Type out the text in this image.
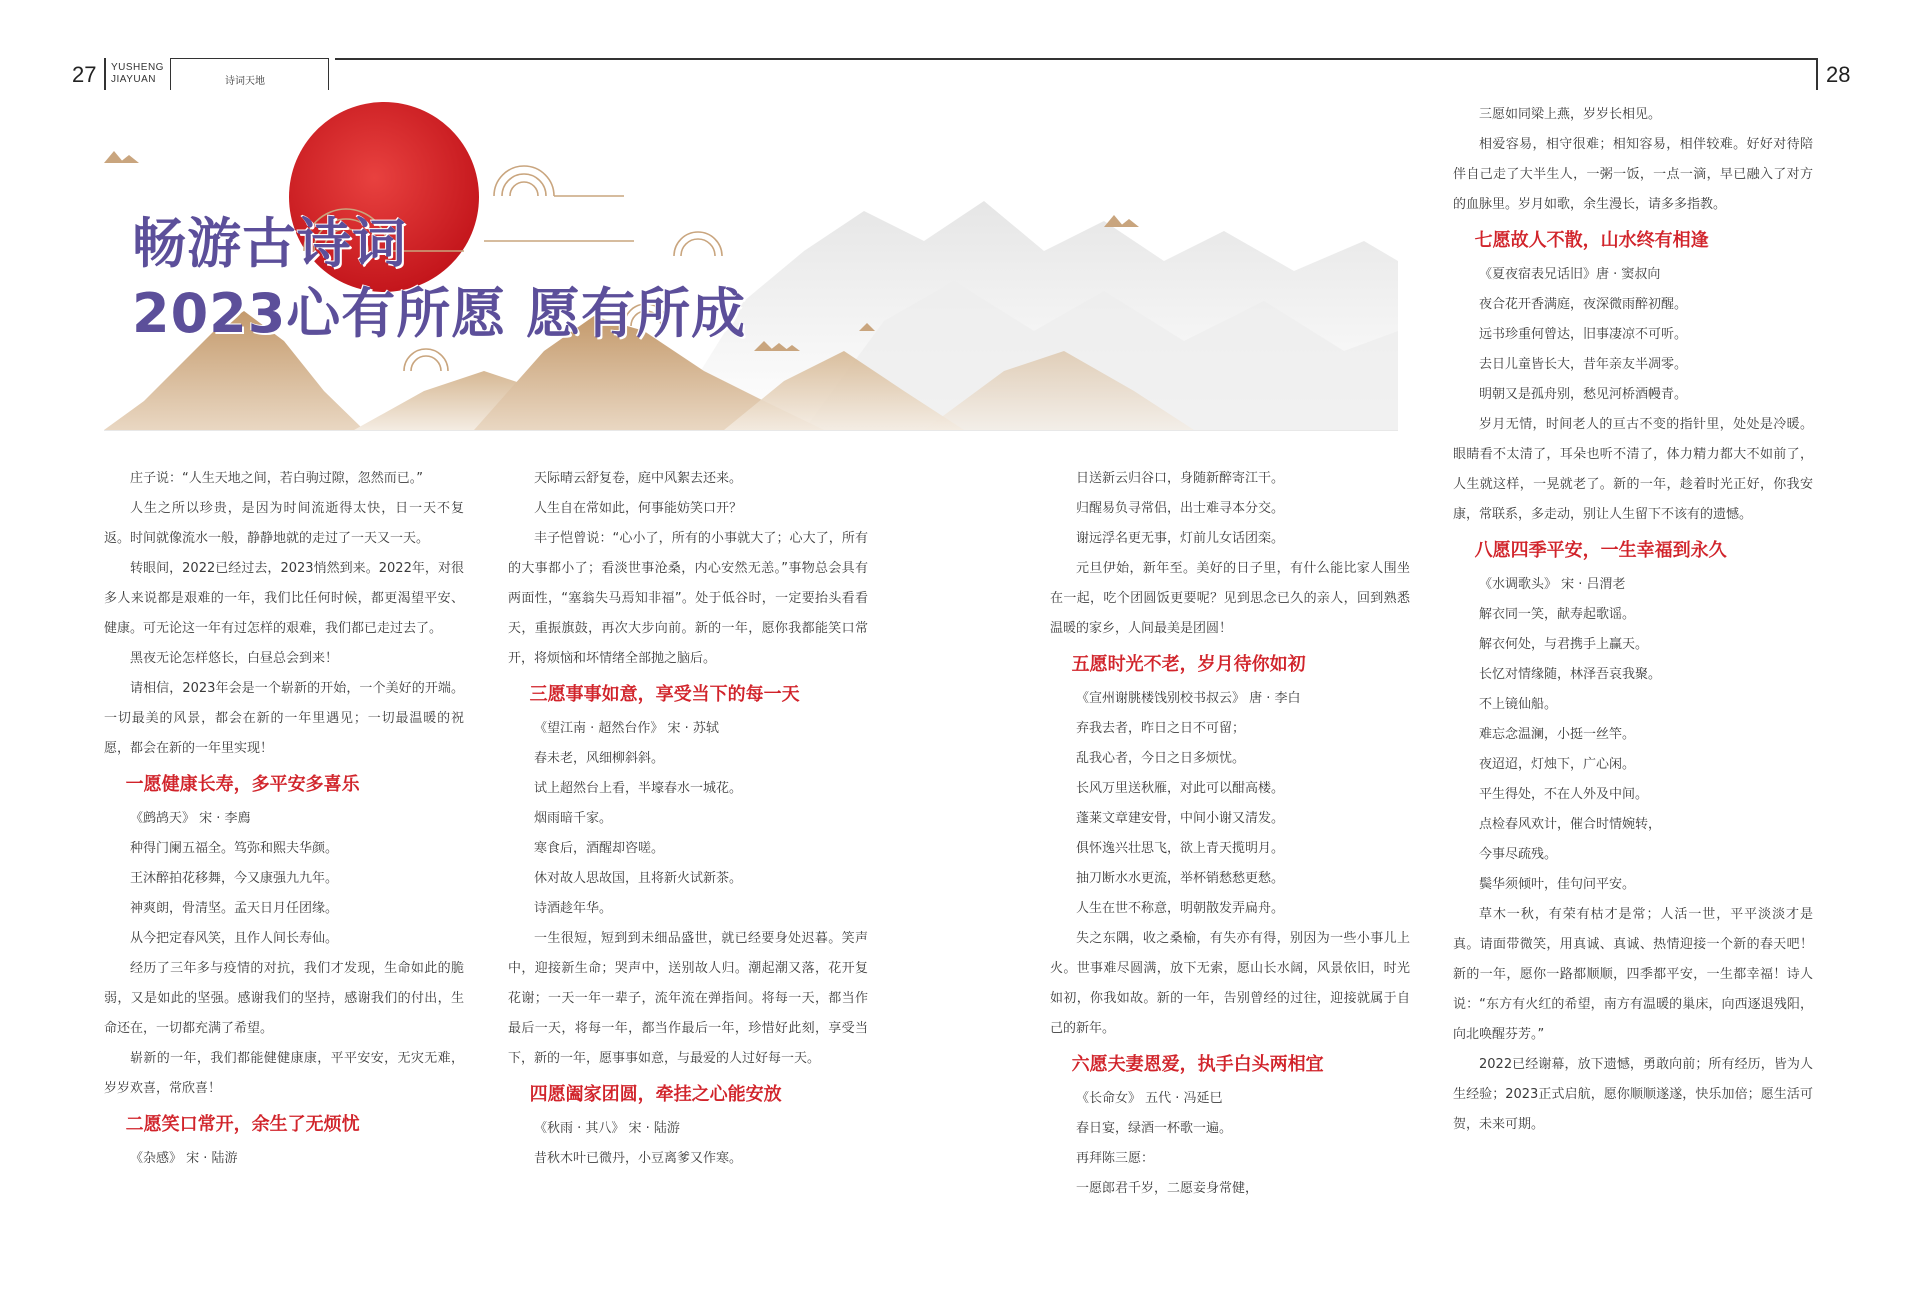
27 YUSHENG
JIAYUAN	诗词天地	28
畅游古诗词
2023心有所愿 愿有所成

庄子说：“人生天地之间，若白驹过隙，忽然而已。”

人生之所以珍贵，是因为时间流逝得太快，日一天不复返。时间就像流水一般，静静地就的走过了一天又一天。

转眼间，2022已经过去，2023悄然到来。2022年，对很多人来说都是艰难的一年，我们比任何时候，都更渴望平安、健康。可无论这一年有过怎样的艰难，我们都已走过去了。

黑夜无论怎样悠长，白昼总会到来！

请相信，2023年会是一个崭新的开始，一个美好的开端。一切最美的风景，都会在新的一年里遇见；一切最温暖的祝愿，都会在新的一年里实现！

一愿健康长寿，多平安多喜乐

《鹧鸪天》 宋 · 李廌

种得门阑五福全。笃弥和熙夫华颜。

王沐醉拍花移舞，今又康强九九年。

神爽朗，骨清坚。孟天日月任团缘。

从今把定春风笑，且作人间长寿仙。

经历了三年多与疫情的对抗，我们才发现，生命如此的脆弱，又是如此的坚强。感谢我们的坚持，感谢我们的付出，生命还在，一切都充满了希望。

崭新的一年，我们都能健健康康，平平安安，无灾无难，岁岁欢喜，常欣喜！

二愿笑口常开，余生了无烦忧

《杂感》 宋 · 陆游

天际晴云舒复卷，庭中风絮去还来。

人生自在常如此，何事能妨笑口开？

丰子恺曾说：“心小了，所有的小事就大了；心大了，所有的大事都小了；看淡世事沧桑，内心安然无恙。”事物总会具有两面性，“塞翁失马焉知非福”。处于低谷时，一定要抬头看看天，重振旗鼓，再次大步向前。新的一年，愿你我都能笑口常开，将烦恼和坏情绪全部抛之脑后。

三愿事事如意，享受当下的每一天

《望江南 · 超然台作》 宋 · 苏轼

春未老，风细柳斜斜。

试上超然台上看，半壕春水一城花。

烟雨暗千家。

寒食后，酒醒却咨嗟。

休对故人思故国，且将新火试新茶。

诗酒趁年华。

一生很短，短到到未细品盛世，就已经要身处迟暮。笑声中，迎接新生命；哭声中，送别故人归。潮起潮又落，花开复花谢；一天一年一辈子，流年流在弹指间。将每一天，都当作最后一天，将每一年，都当作最后一年，珍惜好此刻，享受当下，新的一年，愿事事如意，与最爱的人过好每一天。

四愿阖家团圆，牵挂之心能安放

《秋雨 · 其八》 宋 · 陆游

昔秋木叶已微丹，小豆离爹又作寒。

日送新云归谷口，身随新醉寄江干。

归醒易负寻常侣，出士难寻本分交。

谢远浮名更无事，灯前儿女话团栾。

元旦伊始，新年至。美好的日子里，有什么能比家人围坐在一起，吃个团圆饭更要呢？见到思念已久的亲人，回到熟悉温暖的家乡，人间最美是团圆！

五愿时光不老，岁月待你如初

《宣州谢朓楼饯别校书叔云》 唐 · 李白

弃我去者，昨日之日不可留；

乱我心者，今日之日多烦忧。

长风万里送秋雁，对此可以酣高楼。

蓬莱文章建安骨，中间小谢又清发。

俱怀逸兴壮思飞，欲上青天揽明月。

抽刀断水水更流，举杯销愁愁更愁。

人生在世不称意，明朝散发弄扁舟。

失之东隅，收之桑榆，有失亦有得，别因为一些小事儿上火。世事难尽圆满，放下无索，愿山长水阔，风景依旧，时光如初，你我如故。新的一年，告别曾经的过往，迎接就属于自己的新年。

六愿夫妻恩爱，执手白头两相宜

《长命女》 五代 · 冯延巳

春日宴，绿酒一杯歌一遍。

再拜陈三愿：

一愿郎君千岁，二愿妾身常健，

三愿如同梁上燕，岁岁长相见。

相爱容易，相守很难；相知容易，相伴较难。好好对待陪伴自己走了大半生人，一粥一饭，一点一滴，早已融入了对方的血脉里。岁月如歌，余生漫长，请多多指教。

七愿故人不散，山水终有相逢

《夏夜宿表兄话旧》唐 · 窦叔向

夜合花开香满庭，夜深微雨醉初醒。

远书珍重何曾达，旧事凄凉不可听。

去日儿童皆长大，昔年亲友半凋零。

明朝又是孤舟别，愁见河桥酒幔青。

岁月无情，时间老人的亘古不变的指针里，处处是冷暖。眼睛看不太清了，耳朵也听不清了，体力精力都大不如前了，人生就这样，一晃就老了。新的一年，趁着时光正好，你我安康，常联系，多走动，别让人生留下不该有的遗憾。

八愿四季平安，一生幸福到永久

《水调歌头》 宋 · 吕渭老

解衣同一笑，献寿起歌谣。

解衣何处，与君携手上赢天。

长忆对情缘随，林泽吾哀我聚。

不上镜仙船。

难忘念温澜，小挺一丝竿。

夜迢迢，灯烛下，广心闲。

平生得处，不在人外及中间。

点检春风欢计，催合时情婉转，

今事尽疏残。

鬓华须倾叶，佳句问平安。

草木一秋，有荣有枯才是常；人活一世，平平淡淡才是真。请面带微笑，用真诚、真诚、热情迎接一个新的春天吧！新的一年，愿你一路都顺顺，四季都平安，一生都幸福！诗人说：“东方有火红的希望，南方有温暖的巢床，向西逐退残阳，向北唤醒芬芳。”

2022已经谢幕，放下遗憾，勇敢向前；所有经历，皆为人生经验；2023正式启航，愿你顺顺遂遂，快乐加倍；愿生活可贺，未来可期。
